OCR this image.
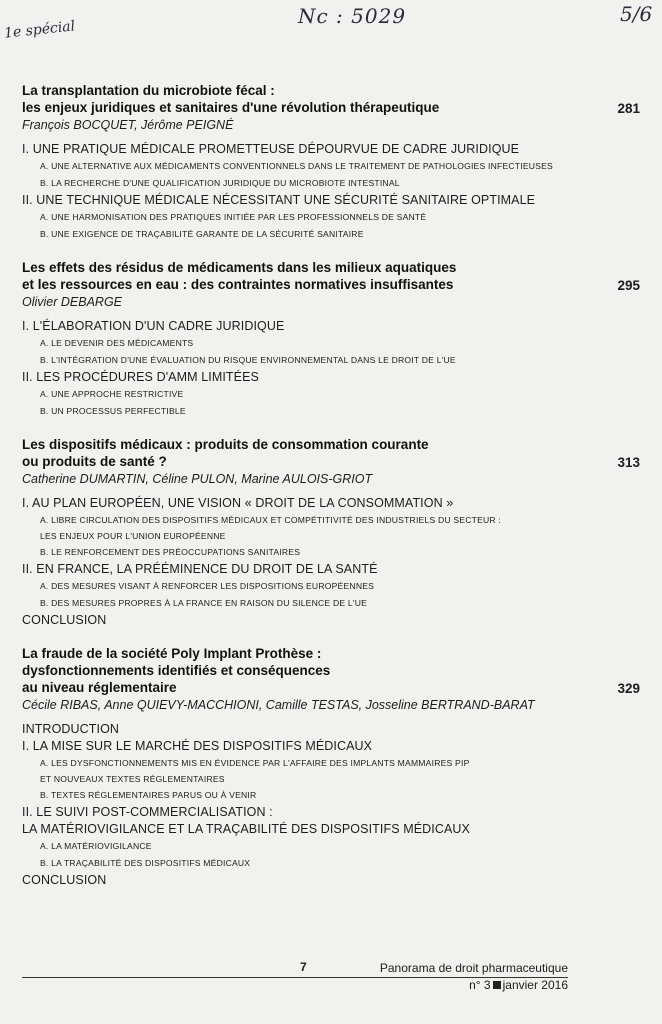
1e spécial
Nc : 5029	5/6
La transplantation du microbiote fécal :
les enjeux juridiques et sanitaires d'une révolution thérapeutique	281
François BOCQUET, Jérôme PEIGNÉ
I. UNE PRATIQUE MÉDICALE PROMETTEUSE DÉPOURVUE DE CADRE JURIDIQUE
A. UNE ALTERNATIVE AUX MÉDICAMENTS CONVENTIONNELS DANS LE TRAITEMENT DE PATHOLOGIES INFECTIEUSES
B. LA RECHERCHE D'UNE QUALIFICATION JURIDIQUE DU MICROBIOTE INTESTINAL
II. UNE TECHNIQUE MÉDICALE NÉCESSITANT UNE SÉCURITÉ SANITAIRE OPTIMALE
A. UNE HARMONISATION DES PRATIQUES INITIÉE PAR LES PROFESSIONNELS DE SANTÉ
B. UNE EXIGENCE DE TRAÇABILITÉ GARANTE DE LA SÉCURITÉ SANITAIRE
Les effets des résidus de médicaments dans les milieux aquatiques
et les ressources en eau : des contraintes normatives insuffisantes	295
Olivier DEBARGE
I. L'ÉLABORATION D'UN CADRE JURIDIQUE
A. LE DEVENIR DES MÉDICAMENTS
B. L'INTÉGRATION D'UNE ÉVALUATION DU RISQUE ENVIRONNEMENTAL DANS LE DROIT DE L'UE
II. LES PROCÉDURES D'AMM LIMITÉES
A. UNE APPROCHE RESTRICTIVE
B. UN PROCESSUS PERFECTIBLE
Les dispositifs médicaux : produits de consommation courante
ou produits de santé ?	313
Catherine DUMARTIN, Céline PULON, Marine AULOIS-GRIOT
I. AU PLAN EUROPÉEN, UNE VISION « DROIT DE LA CONSOMMATION »
A. LIBRE CIRCULATION DES DISPOSITIFS MÉDICAUX ET COMPÉTITIVITÉ DES INDUSTRIELS DU SECTEUR :
LES ENJEUX POUR L'UNION EUROPÉENNE
B. LE RENFORCEMENT DES PRÉOCCUPATIONS SANITAIRES
II. EN FRANCE, LA PRÉÉMINENCE DU DROIT DE LA SANTÉ
A. DES MESURES VISANT À RENFORCER LES DISPOSITIONS EUROPÉENNES
B. DES MESURES PROPRES À LA FRANCE EN RAISON DU SILENCE DE L'UE
CONCLUSION
La fraude de la société Poly Implant Prothèse :
dysfonctionnements identifiés et conséquences
au niveau réglementaire	329
Cécile RIBAS, Anne QUIEVY-MACCHIONI, Camille TESTAS, Josseline BERTRAND-BARAT
INTRODUCTION
I. LA MISE SUR LE MARCHÉ DES DISPOSITIFS MÉDICAUX
A. LES DYSFONCTIONNEMENTS MIS EN ÉVIDENCE PAR L'AFFAIRE DES IMPLANTS MAMMAIRES PIP
ET NOUVEAUX TEXTES RÉGLEMENTAIRES
B. TEXTES RÉGLEMENTAIRES PARUS OU À VENIR
II. LE SUIVI POST-COMMERCIALISATION :
LA MATÉRIOVIGILANCE ET LA TRAÇABILITÉ DES DISPOSITIFS MÉDICAUX
A. LA MATÉRIOVIGILANCE
B. LA TRAÇABILITÉ DES DISPOSITIFS MÉDICAUX
CONCLUSION
7	Panorama de droit pharmaceutique
n° 3 janvier 2016
